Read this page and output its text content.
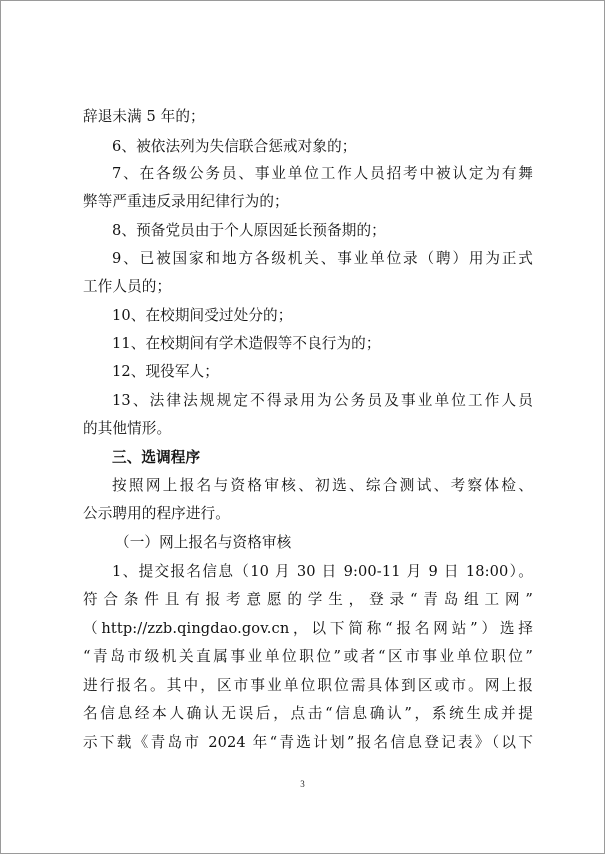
辞退未满 5 年的；
6、被依法列为失信联合惩戒对象的；
7、在各级公务员、事业单位工作人员招考中被认定为有舞
弊等严重违反录用纪律行为的；
8、预备党员由于个人原因延长预备期的；
9、已被国家和地方各级机关、事业单位录（聘）用为正式
工作人员的；
10、在校期间受过处分的；
11、在校期间有学术造假等不良行为的；
12、现役军人；
13、法律法规规定不得录用为公务员及事业单位工作人员
的其他情形。
三、选调程序
按照网上报名与资格审核、初选、综合测试、考察体检、
公示聘用的程序进行。
（一）网上报名与资格审核
1、提交报名信息（10 月 30 日 9:00-11 月 9 日 18:00）。
符合条件且有报考意愿的学生，登录“青岛组工网”
（http://zzb.qingdao.gov.cn，以下简称“报名网站”）选择
“青岛市级机关直属事业单位职位”或者“区市事业单位职位”
进行报名。其中，区市事业单位职位需具体到区或市。网上报
名信息经本人确认无误后，点击“信息确认”，系统生成并提
示下载《青岛市 2024 年“青选计划”报名信息登记表》（以下
3
